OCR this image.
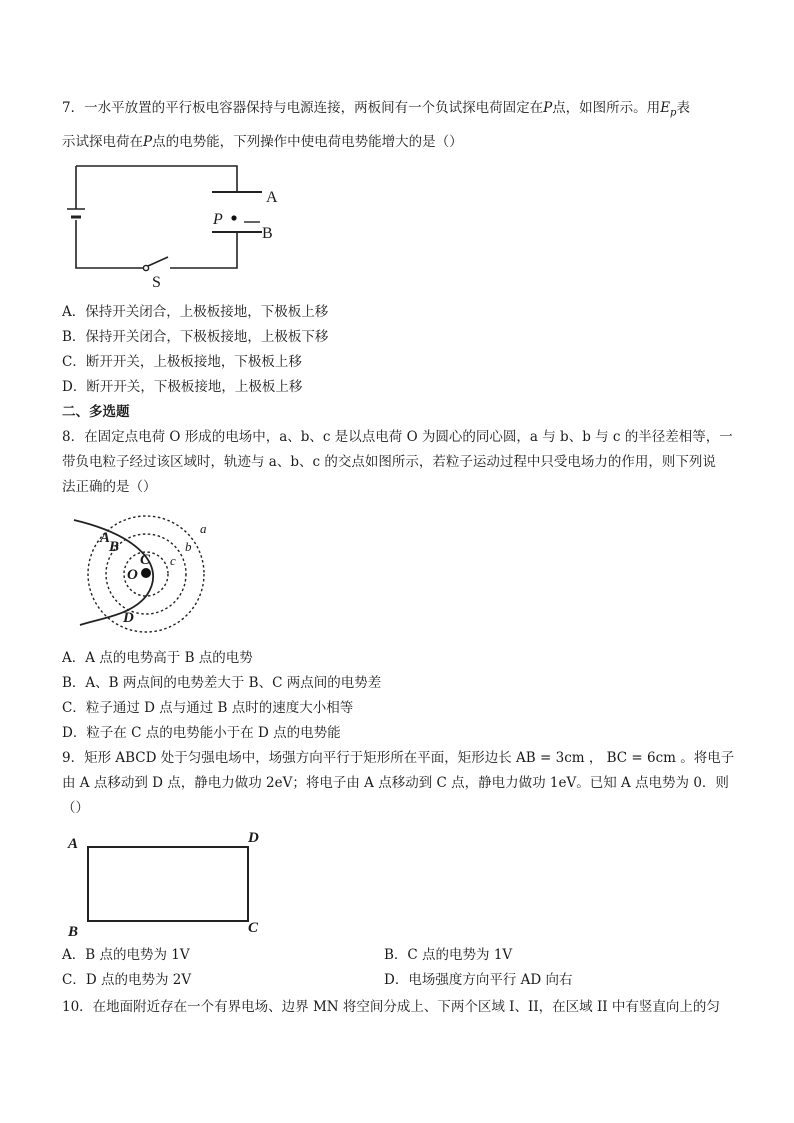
7．一水平放置的平行板电容器保持与电源连接，两板间有一个负试探电荷固定在P点，如图所示。用$E_p$表
示试探电荷在P点的电势能，下列操作中使电荷电势能增大的是（）
A
P
B
S
A．保持开关闭合，上极板接地，下极板上移
B．保持开关闭合，下极板接地，上极板下移
C．断开开关，上极板接地，下极板上移
D．断开开关，下极板接地，上极板上移
二、多选题
8．在固定点电荷 O 形成的电场中，a、b、c 是以点电荷 O 为圆心的同心圆，a 与 b、b 与 c 的半径差相等，一
带负电粒子经过该区域时，轨迹与 a、b、c 的交点如图所示，若粒子运动过程中只受电场力的作用，则下列说
法正确的是（）
A
B
C
O
D
a
b
c
A．A 点的电势高于 B 点的电势
B．A、B 两点间的电势差大于 B、C 两点间的电势差
C．粒子通过 D 点与通过 B 点时的速度大小相等
D．粒子在 C 点的电势能小于在 D 点的电势能
9．矩形 ABCD 处于匀强电场中，场强方向平行于矩形所在平面，矩形边长 AB = 3cm ， BC = 6cm 。将电子
由 A 点移动到 D 点，静电力做功 2eV；将电子由 A 点移动到 C 点，静电力做功 1eV。已知 A 点电势为 0．则
（）
A	D
B	C
A．B 点的电势为 1V	B．C 点的电势为 1V
C．D 点的电势为 2V	D．电场强度方向平行 AD 向右
10．在地面附近存在一个有界电场、边界 MN 将空间分成上、下两个区域 I、II，在区域 II 中有竖直向上的匀
